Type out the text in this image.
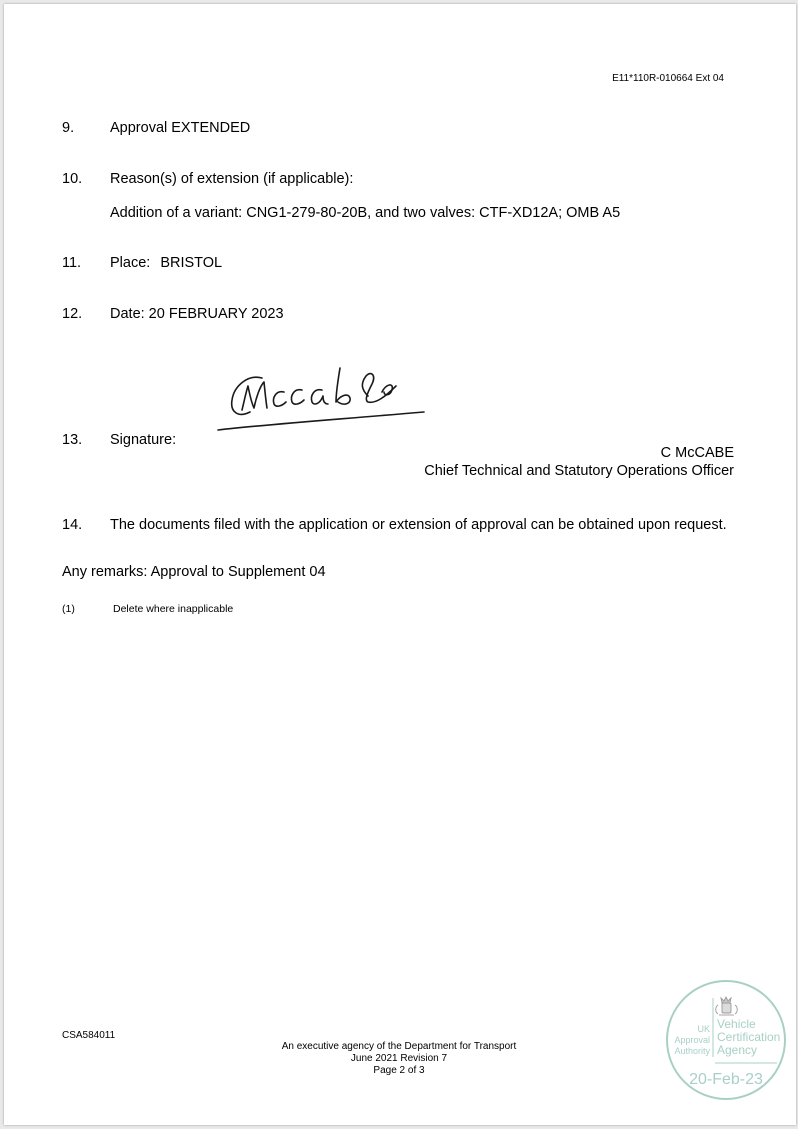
E11*110R-010664 Ext 04
9.	Approval EXTENDED
10.	Reason(s) of extension (if applicable):
Addition of a variant: CNG1-279-80-20B, and two valves: CTF-XD12A; OMB A5
11.	Place: BRISTOL
12.	Date: 20 FEBRUARY 2023
13.	Signature:
C McCABE
Chief Technical and Statutory Operations Officer
14.	The documents filed with the application or extension of approval can be obtained upon request.
Any remarks: Approval to Supplement 04
(1)	Delete where inapplicable
CSA584011
An executive agency of the Department for Transport
June 2021 Revision 7
Page 2 of 3
UK
Approval
Authority
Vehicle
Certification
Agency
20-Feb-23
